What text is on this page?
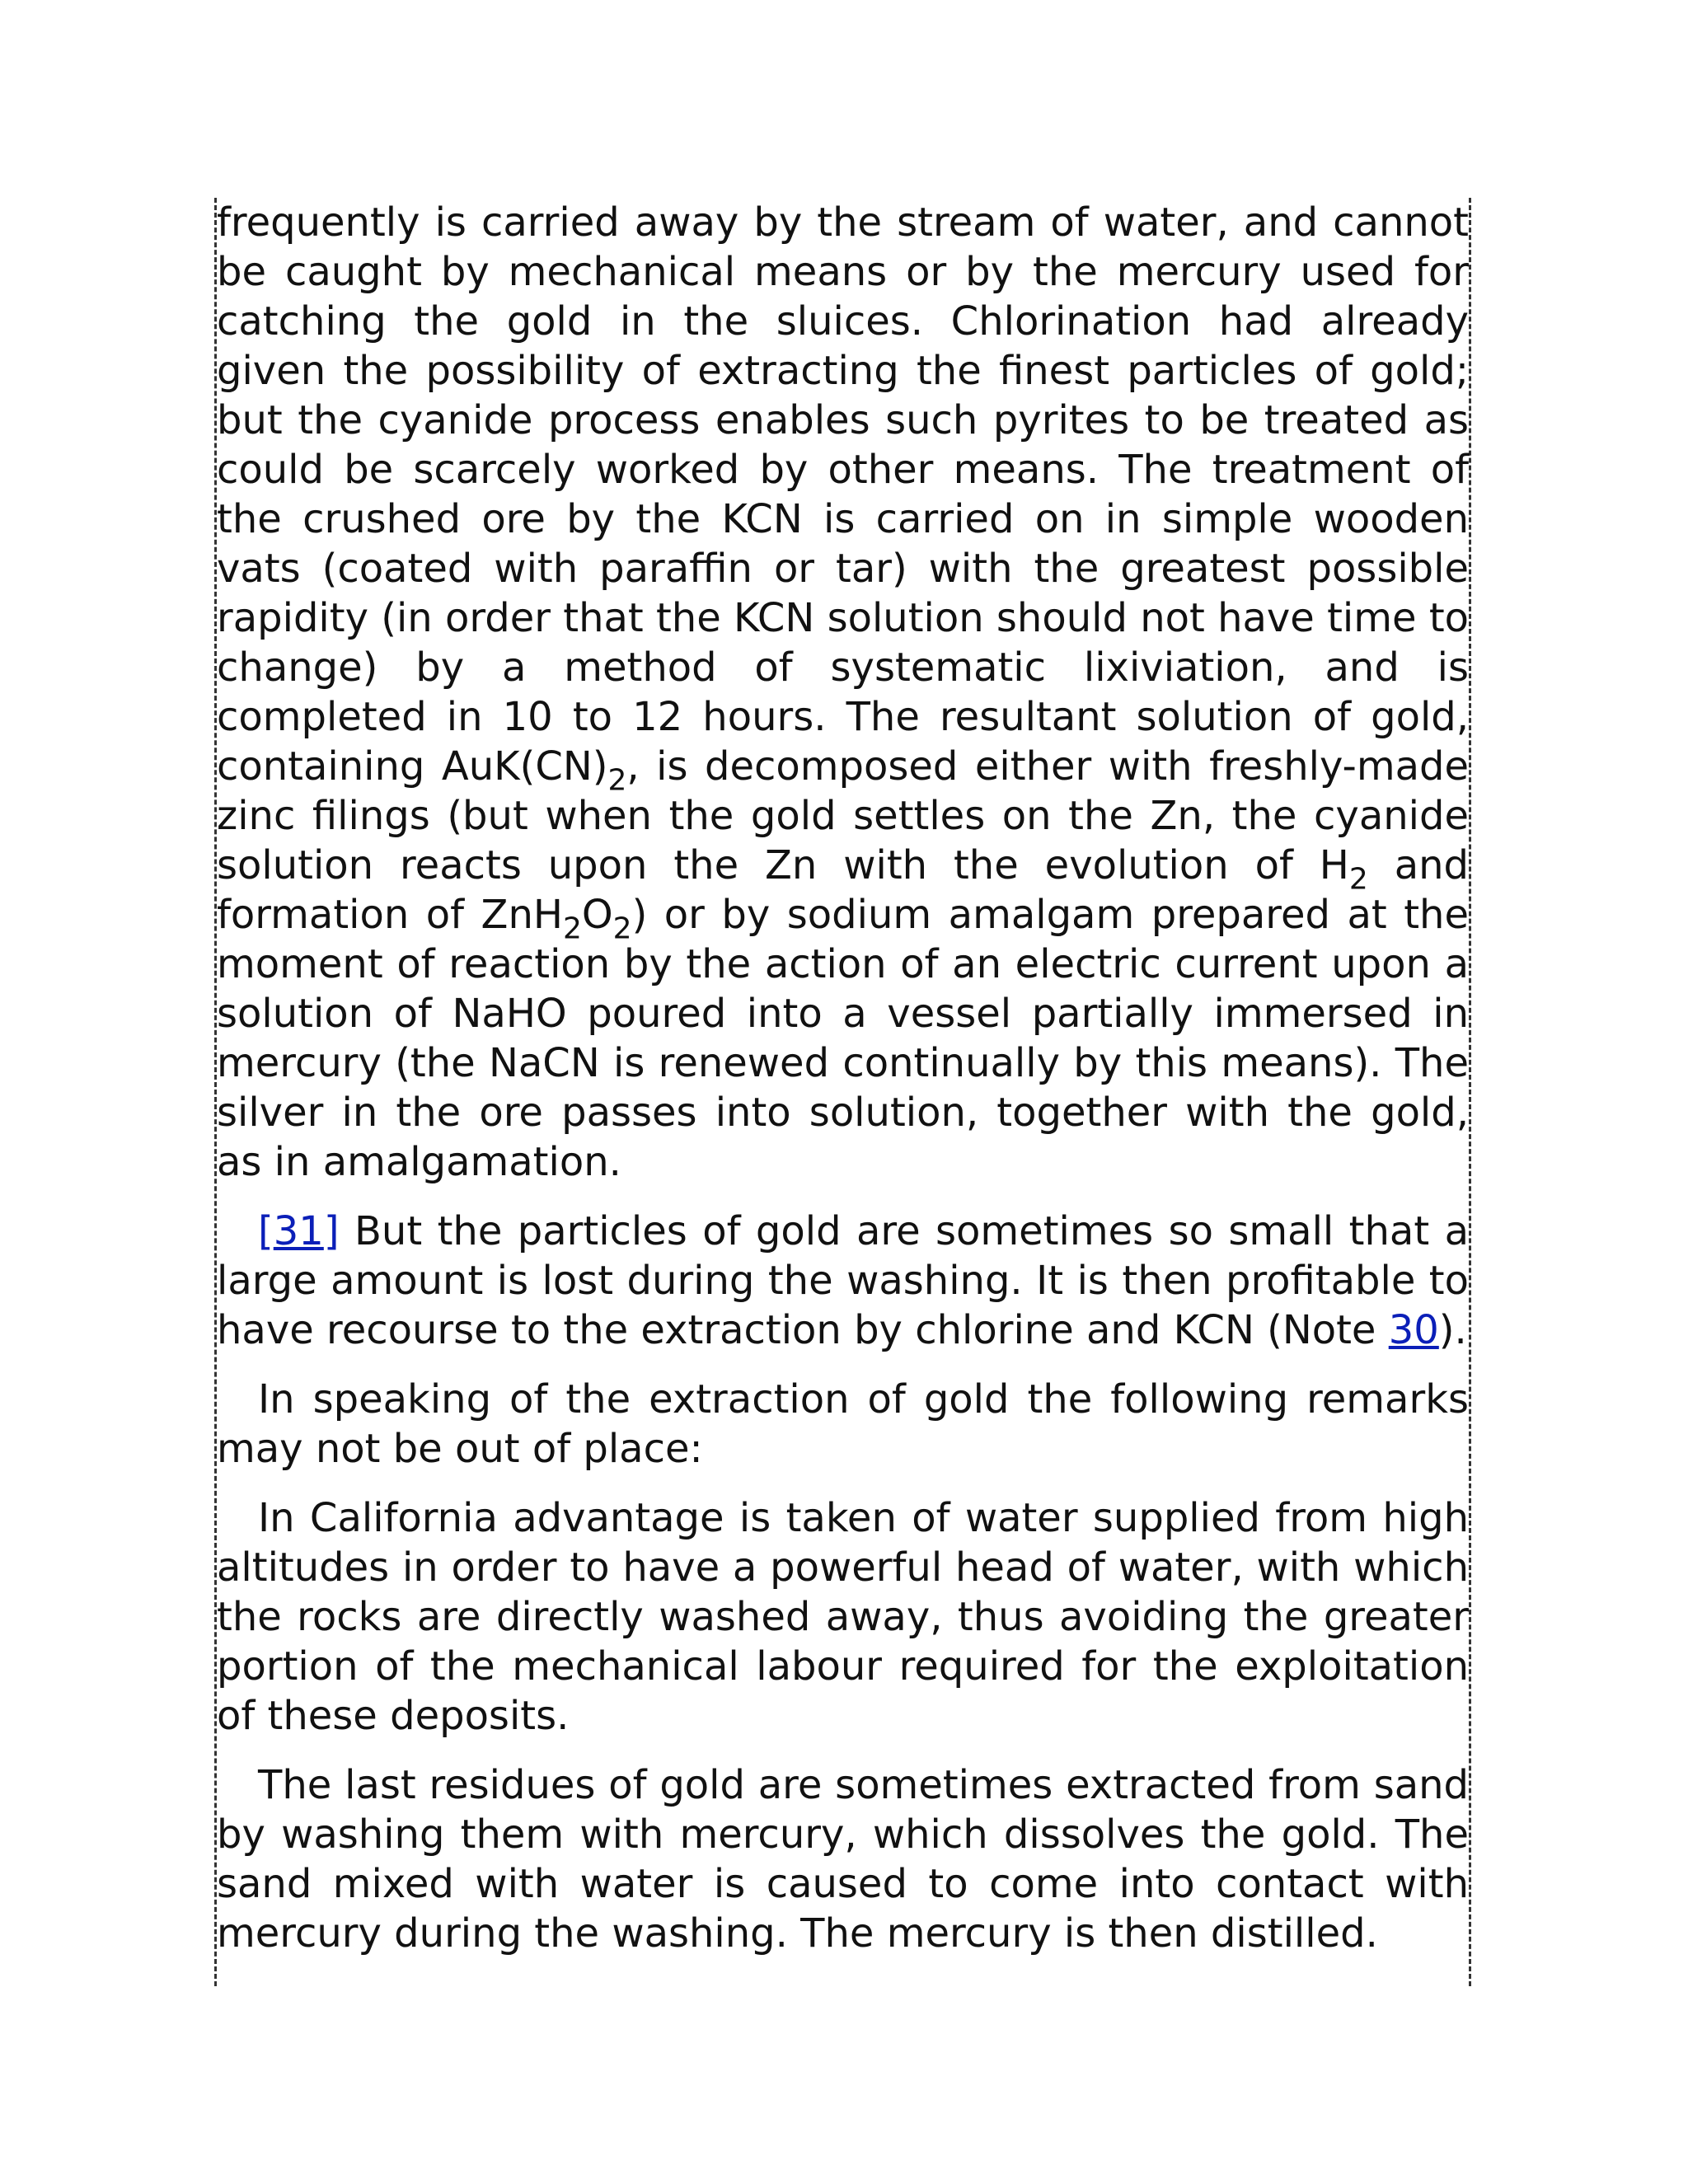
frequently is carried away by the stream of water, and cannot be caught by mechanical means or by the mercury used for catching the gold in the sluices. Chlorination had already given the possibility of extracting the finest particles of gold; but the cyanide process enables such pyrites to be treated as could be scarcely worked by other means. The treatment of the crushed ore by the KCN is carried on in simple wooden vats (coated with paraffin or tar) with the greatest possible rapidity (in order that the KCN solution should not have time to change) by a method of systematic lixiviation, and is completed in 10 to 12 hours. The resultant solution of gold, containing $AuK(CN)_2$, is decomposed either with freshly-made zinc filings (but when the gold settles on the Zn, the cyanide solution reacts upon the Zn with the evolution of $H_2$ and formation of $ZnH_2O_2$) or by sodium amalgam prepared at the moment of reaction by the action of an electric current upon a solution of NaHO poured into a vessel partially immersed in mercury (the NaCN is renewed continually by this means). The silver in the ore passes into solution, together with the gold, as in amalgamation.

[31] But the particles of gold are sometimes so small that a large amount is lost during the washing. It is then profitable to have recourse to the extraction by chlorine and KCN (Note 30).

In speaking of the extraction of gold the following remarks may not be out of place:

In California advantage is taken of water supplied from high altitudes in order to have a powerful head of water, with which the rocks are directly washed away, thus avoiding the greater portion of the mechanical labour required for the exploitation of these deposits.

The last residues of gold are sometimes extracted from sand by washing them with mercury, which dissolves the gold. The sand mixed with water is caused to come into contact with mercury during the washing. The mercury is then distilled.
